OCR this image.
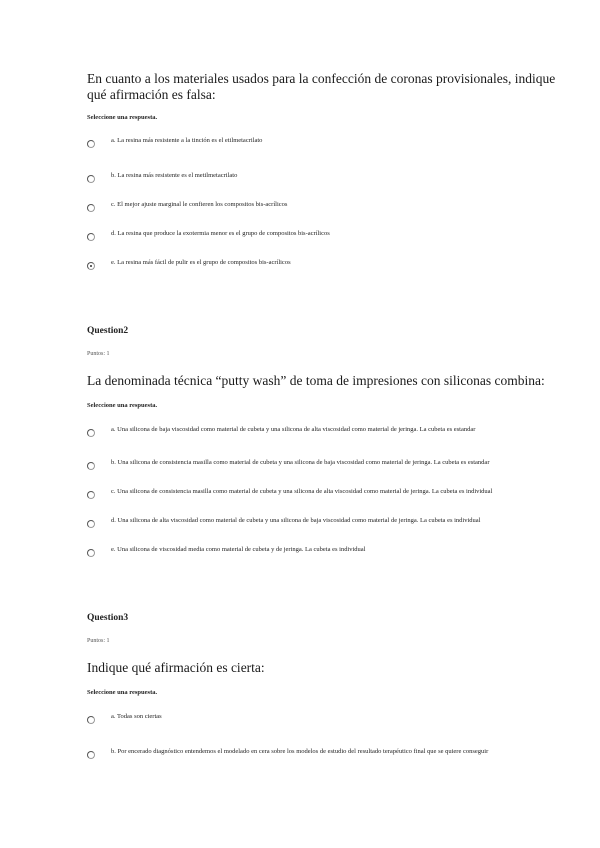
En cuanto a los materiales usados para la confección de coronas provisionales, indique
qué afirmación es falsa:
Seleccione una respuesta.
a. La resina más resistente a la tinción es el etilmetacrilato
b. La resina más resistente es el metilmetacrilato
c. El mejor ajuste marginal le confieren los compositos bis-acrílicos
d. La resina que produce la exotermia menor es el grupo de compositos bis-acrílicos
e. La resina más fácil de pulir es el grupo de compositos bis-acrílicos
Question2
Puntos: 1
La denominada técnica “putty wash” de toma de impresiones con siliconas combina:
Seleccione una respuesta.
a. Una silicona de baja viscosidad como material de cubeta y una silicona de alta viscosidad como material de jeringa. La cubeta es estandar
b. Una silicona de consistencia masilla como material de cubeta y una silicona de baja viscosidad como material de jeringa. La cubeta es estandar
c. Una silicona de consistencia masilla como material de cubeta y una silicona de alta viscosidad como material de jeringa. La cubeta es individual
d. Una silicona de alta viscosidad como material de cubeta y una silicona de baja viscosidad como material de jeringa. La cubeta es individual
e. Una silicona de viscosidad media como material de cubeta y de jeringa. La cubeta es individual
Question3
Puntos: 1
Indique qué afirmación es cierta:
Seleccione una respuesta.
a. Todas son ciertas
b. Por encerado diagnóstico entendemos el modelado en cera sobre los modelos de estudio del resultado terapéutico final que se quiere conseguir
